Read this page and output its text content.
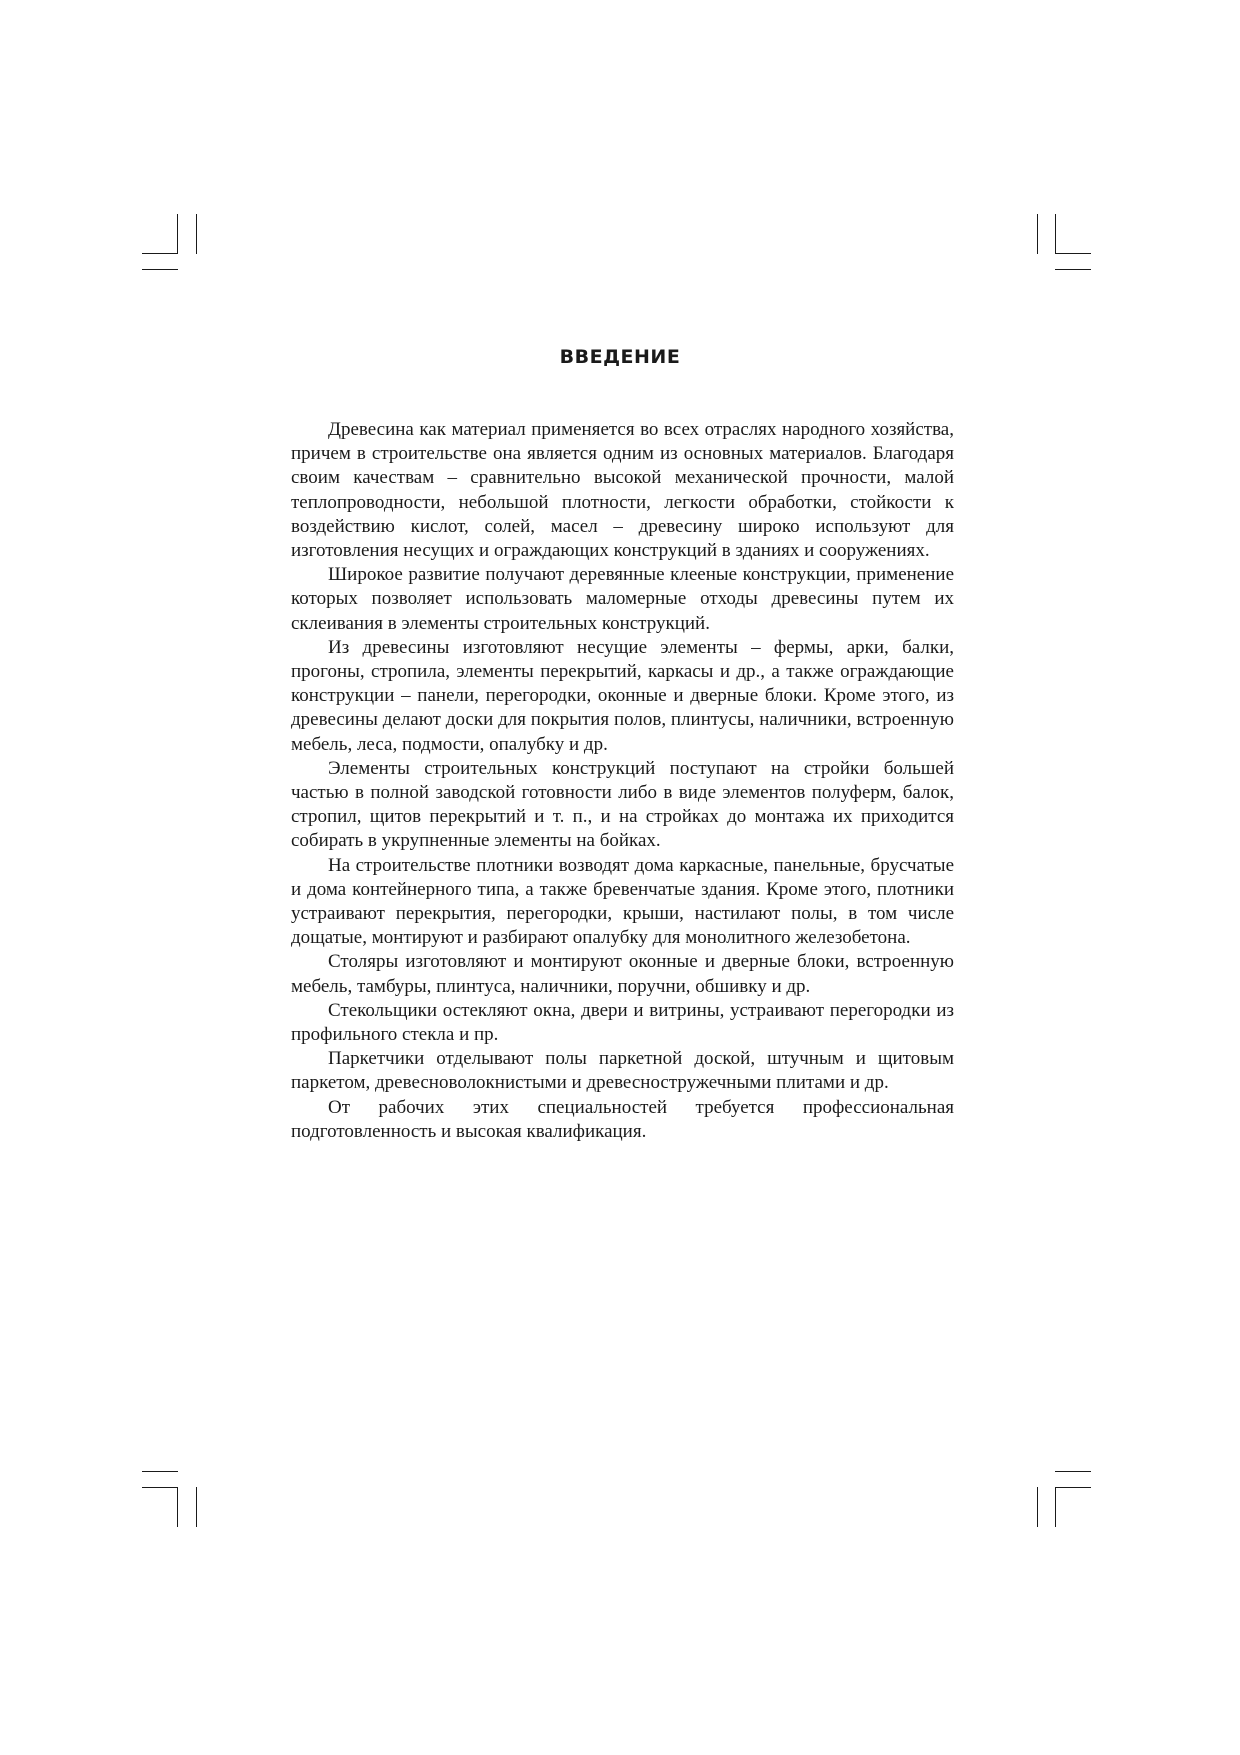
ВВЕДЕНИЕ

Древесина как материал применяется во всех отраслях народного хозяйства, причем в строительстве она является одним из основных материалов. Благодаря своим качествам – сравнительно высокой механической прочности, малой теплопроводности, небольшой плотности, легкости обработки, стойкости к воздействию кислот, солей, масел – древесину широко используют для изготовления несущих и ограждающих конструкций в зданиях и сооружениях.

Широкое развитие получают деревянные клееные конструкции, применение которых позволяет использовать маломерные отходы древесины путем их склеивания в элементы строительных конструкций.

Из древесины изготовляют несущие элементы – фермы, арки, балки, прогоны, стропила, элементы перекрытий, каркасы и др., а также ограждающие конструкции – панели, перегородки, оконные и дверные блоки. Кроме этого, из древесины делают доски для покрытия полов, плинтусы, наличники, встроенную мебель, леса, подмости, опалубку и др.

Элементы строительных конструкций поступают на стройки большей частью в полной заводской готовности либо в виде элементов полуферм, балок, стропил, щитов перекрытий и т. п., и на стройках до монтажа их приходится собирать в укрупненные элементы на бойках.

На строительстве плотники возводят дома каркасные, панельные, брусчатые и дома контейнерного типа, а также бревенчатые здания. Кроме этого, плотники устраивают перекрытия, перегородки, крыши, настилают полы, в том числе дощатые, монтируют и разбирают опалубку для монолитного железобетона.

Столяры изготовляют и монтируют оконные и дверные блоки, встроенную мебель, тамбуры, плинтуса, наличники, поручни, обшивку и др.

Стекольщики остекляют окна, двери и витрины, устраивают перегородки из профильного стекла и пр.

Паркетчики отделывают полы паркетной доской, штучным и щитовым паркетом, древесноволокнистыми и древесностружечными плитами и др.

От рабочих этих специальностей требуется профессиональная подготовленность и высокая квалификация.
